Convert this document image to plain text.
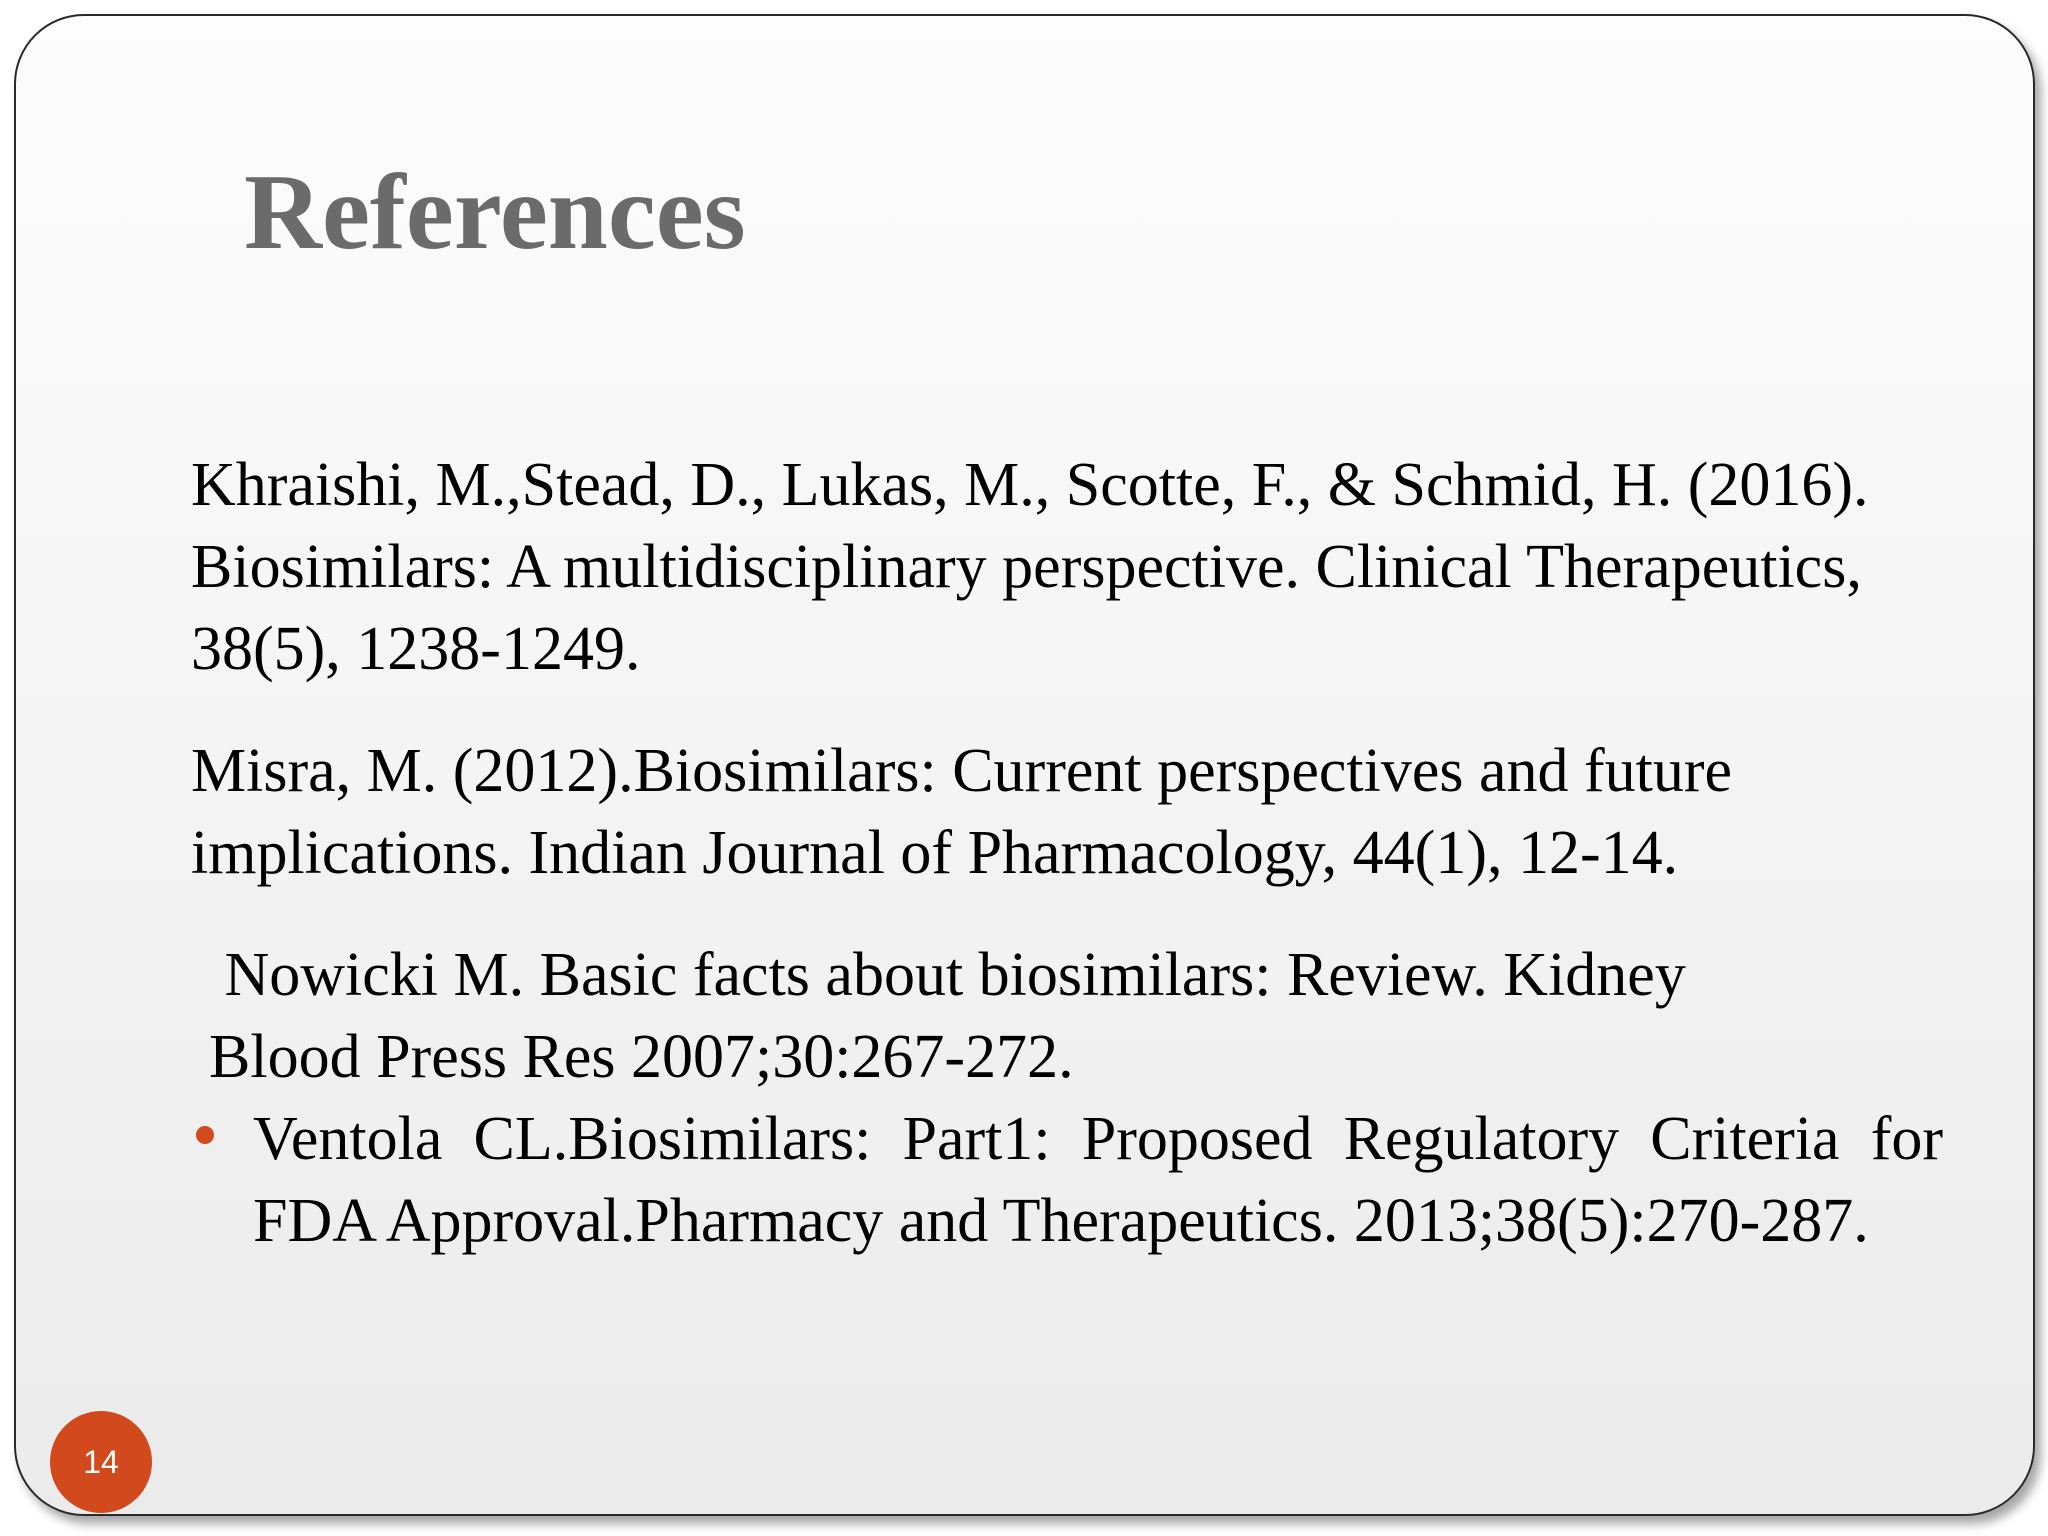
References

Khraishi, M.,Stead, D., Lukas, M., Scotte, F., & Schmid, H. (2016). Biosimilars: A multidisciplinary perspective. Clinical Therapeutics, 38(5), 1238-1249.

Misra, M. (2012).Biosimilars: Current perspectives and future implications. Indian Journal of Pharmacology, 44(1), 12-14.

Nowicki M. Basic facts about biosimilars: Review. Kidney
Blood Press Res 2007;30:267-272.

Ventola CL.Biosimilars: Part1: Proposed Regulatory Criteria for FDA Approval.Pharmacy and Therapeutics. 2013;38(5):270-287.
14
